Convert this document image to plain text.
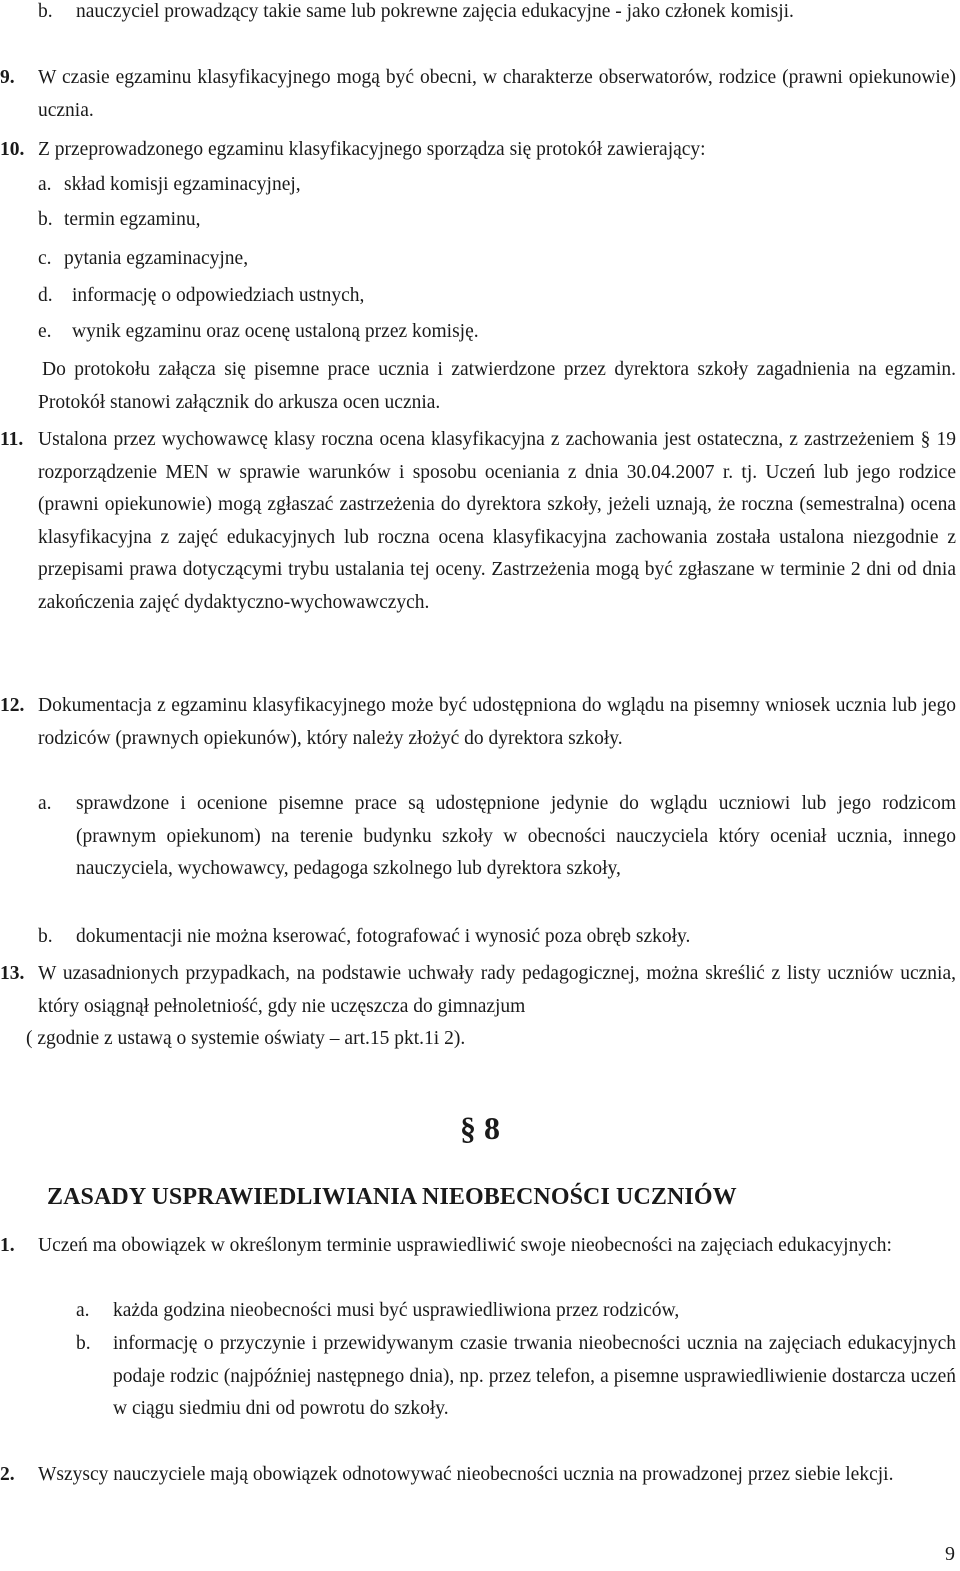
b. nauczyciel prowadzący takie same lub pokrewne zajęcia edukacyjne - jako członek komisji.
9. W czasie egzaminu klasyfikacyjnego mogą być obecni, w charakterze obserwatorów, rodzice (prawni opiekunowie) ucznia.
10. Z przeprowadzonego egzaminu klasyfikacyjnego sporządza się protokół zawierający:
a. skład komisji egzaminacyjnej,
b. termin egzaminu,
c. pytania egzaminacyjne,
d. informację o odpowiedziach ustnych,
e. wynik egzaminu oraz ocenę ustaloną przez komisję.
Do protokołu załącza się pisemne prace ucznia i zatwierdzone przez dyrektora szkoły zagadnienia na egzamin. Protokół stanowi załącznik do arkusza ocen ucznia.
11. Ustalona przez wychowawcę klasy roczna ocena klasyfikacyjna z zachowania jest ostateczna, z zastrzeżeniem § 19 rozporządzenie MEN w sprawie warunków i sposobu oceniania z dnia 30.04.2007 r. tj. Uczeń lub jego rodzice (prawni opiekunowie) mogą zgłaszać zastrzeżenia do dyrektora szkoły, jeżeli uznają, że roczna (semestralna) ocena klasyfikacyjna z zajęć edukacyjnych lub roczna ocena klasyfikacyjna zachowania została ustalona niezgodnie z przepisami prawa dotyczącymi trybu ustalania tej oceny. Zastrzeżenia mogą być zgłaszane w terminie 2 dni od dnia zakończenia zajęć dydaktyczno-wychowawczych.
12. Dokumentacja z egzaminu klasyfikacyjnego może być udostępniona do wglądu na pisemny wniosek ucznia lub jego rodziców (prawnych opiekunów), który należy złożyć do dyrektora szkoły.
a. sprawdzone i ocenione pisemne prace są udostępnione jedynie do wglądu uczniowi lub jego rodzicom (prawnym opiekunom) na terenie budynku szkoły w obecności nauczyciela który oceniał ucznia, innego nauczyciela, wychowawcy, pedagoga szkolnego lub dyrektora szkoły,
b. dokumentacji nie można kserować, fotografować i wynosić poza obręb szkoły.
13. W uzasadnionych przypadkach, na podstawie uchwały rady pedagogicznej, można skreślić z listy uczniów ucznia, który osiągnął pełnoletniość, gdy nie uczęszcza do gimnazjum
( zgodnie z ustawą o systemie oświaty – art.15 pkt.1i 2).
§ 8
ZASADY USPRAWIEDLIWIANIA NIEOBECNOŚCI UCZNIÓW
1. Uczeń ma obowiązek w określonym terminie usprawiedliwić swoje nieobecności na zajęciach edukacyjnych:
a. każda godzina nieobecności musi być usprawiedliwiona przez rodziców,
b. informację o przyczynie i przewidywanym czasie trwania nieobecności ucznia na zajęciach edukacyjnych podaje rodzic (najpóźniej następnego dnia), np. przez telefon, a pisemne usprawiedliwienie dostarcza uczeń w ciągu siedmiu dni od powrotu do szkoły.
2. Wszyscy nauczyciele mają obowiązek odnotowywać nieobecności ucznia na prowadzonej przez siebie lekcji.
9
